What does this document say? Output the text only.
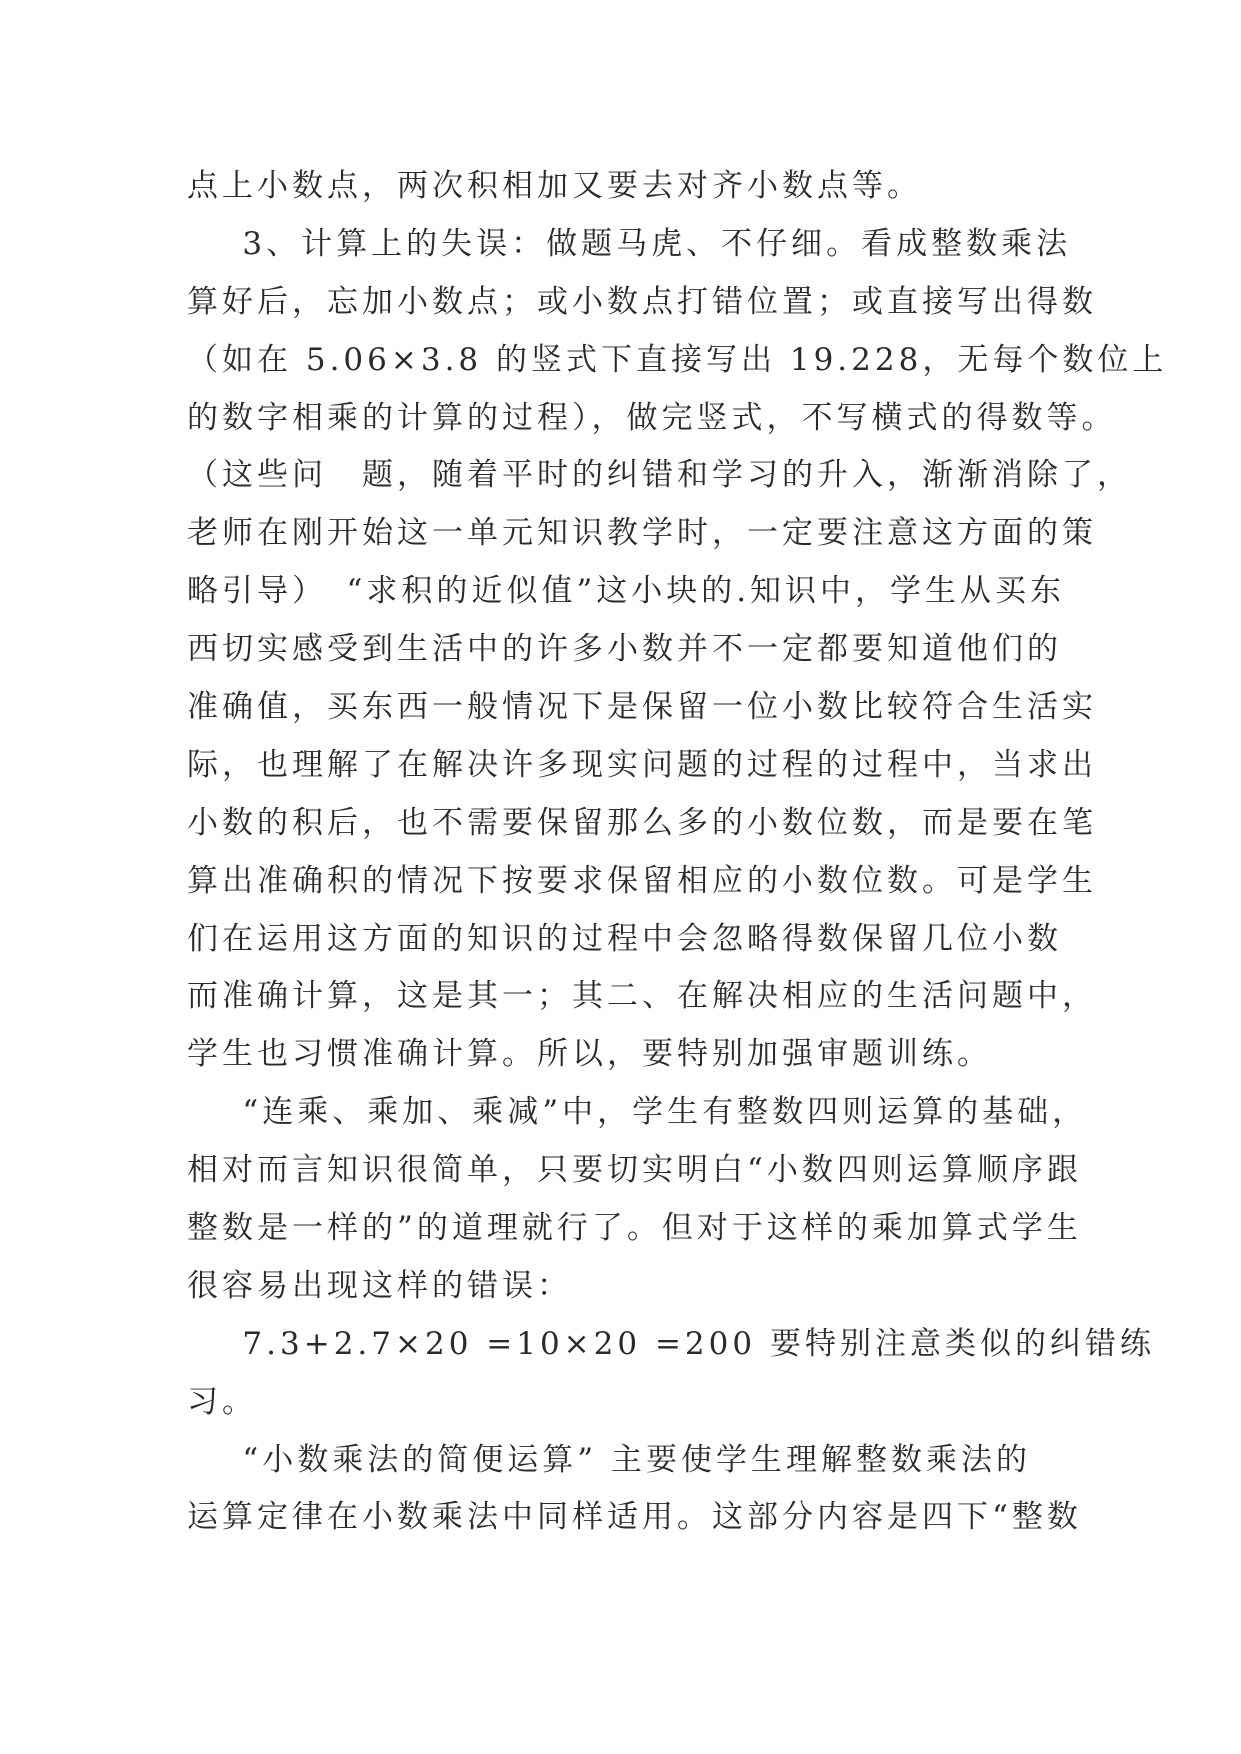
点上小数点，两次积相加又要去对齐小数点等。
3、计算上的失误：做题马虎、不仔细。看成整数乘法
算好后，忘加小数点；或小数点打错位置；或直接写出得数
（如在 5.06×3.8 的竖式下直接写出 19.228，无每个数位上
的数字相乘的计算的过程），做完竖式，不写横式的得数等。
（这些问　题，随着平时的纠错和学习的升入，渐渐消除了，
老师在刚开始这一单元知识教学时，一定要注意这方面的策
略引导）　“求积的近似值”这小块的.知识中，学生从买东
西切实感受到生活中的许多小数并不一定都要知道他们的
准确值，买东西一般情况下是保留一位小数比较符合生活实
际，也理解了在解决许多现实问题的过程的过程中，当求出
小数的积后，也不需要保留那么多的小数位数，而是要在笔
算出准确积的情况下按要求保留相应的小数位数。可是学生
们在运用这方面的知识的过程中会忽略得数保留几位小数
而准确计算，这是其一；其二、在解决相应的生活问题中，
学生也习惯准确计算。所以，要特别加强审题训练。
“连乘、乘加、乘减”中，学生有整数四则运算的基础，
相对而言知识很简单，只要切实明白“小数四则运算顺序跟
整数是一样的”的道理就行了。但对于这样的乘加算式学生
很容易出现这样的错误：
7.3+2.7×20 =10×20 =200 要特别注意类似的纠错练
习。
“小数乘法的简便运算” 主要使学生理解整数乘法的
运算定律在小数乘法中同样适用。这部分内容是四下“整数
